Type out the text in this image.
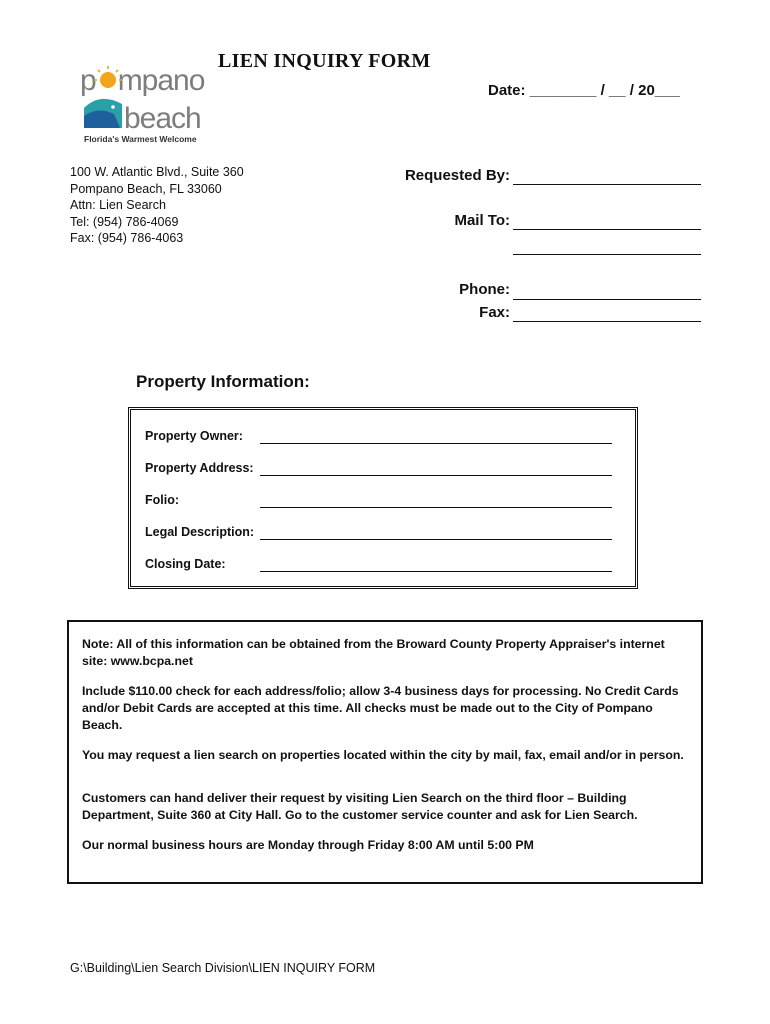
LIEN INQUIRY FORM
p mpano
beach
Florida's Warmest Welcome
Date: ________ / __ / 20___
100 W. Atlantic Blvd., Suite 360
Pompano Beach, FL 33060
Attn: Lien Search
Tel: (954) 786-4069
Fax: (954) 786-4063
Requested By:
Mail To:
Phone:
Fax:
Property Information:
Property Owner:
Property Address:
Folio:
Legal Description:
Closing Date:

Note: All of this information can be obtained from the Broward County Property Appraiser's internet site: www.bcpa.net

Include $110.00 check for each address/folio; allow 3-4 business days for processing. No Credit Cards and/or Debit Cards are accepted at this time. All checks must be made out to the City of Pompano Beach.

You may request a lien search on properties located within the city by mail, fax, email and/or in person.

Customers can hand deliver their request by visiting Lien Search on the third floor – Building Department, Suite 360 at City Hall. Go to the customer service counter and ask for Lien Search.

Our normal business hours are Monday through Friday 8:00 AM until 5:00 PM

G:\Building\Lien Search Division\LIEN INQUIRY FORM
